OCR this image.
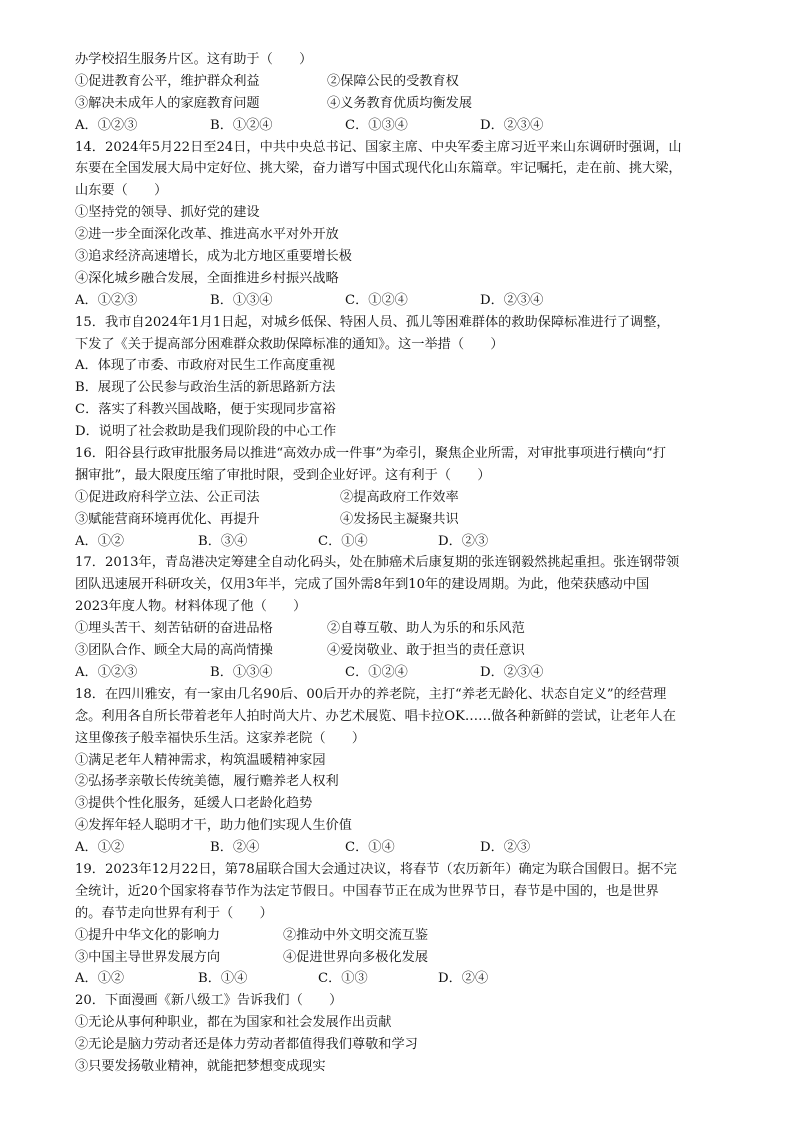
办学校招生服务片区。这有助于（　　）
①促进教育公平，维护群众利益	②保障公民的受教育权
③解决未成年人的家庭教育问题	④义务教育优质均衡发展
A．①②③	B．①②④	C．①③④	D．②③④
14．2024年5月22日至24日，中共中央总书记、国家主席、中央军委主席习近平来山东调研时强调，山
东要在全国发展大局中定好位、挑大梁，奋力谱写中国式现代化山东篇章。牢记嘱托，走在前、挑大梁，
山东要（　　）
①坚持党的领导、抓好党的建设
②进一步全面深化改革、推进高水平对外开放
③追求经济高速增长，成为北方地区重要增长极
④深化城乡融合发展，全面推进乡村振兴战略
A．①②③	B．①③④	C．①②④	D．②③④
15．我市自2024年1月1日起，对城乡低保、特困人员、孤儿等困难群体的救助保障标准进行了调整，
下发了《关于提高部分困难群众救助保障标准的通知》。这一举措（　　）
A．体现了市委、市政府对民生工作高度重视
B．展现了公民参与政治生活的新思路新方法
C．落实了科教兴国战略，便于实现同步富裕
D．说明了社会救助是我们现阶段的中心工作
16．阳谷县行政审批服务局以推进“高效办成一件事”为牵引，聚焦企业所需，对审批事项进行横向“打
捆审批”，最大限度压缩了审批时限，受到企业好评。这有利于（　　）
①促进政府科学立法、公正司法	②提高政府工作效率
③赋能营商环境再优化、再提升	④发扬民主凝聚共识
A．①②	B．③④	C．①④	D．②③
17．2013年，青岛港决定筹建全自动化码头，处在肺癌术后康复期的张连钢毅然挑起重担。张连钢带领
团队迅速展开科研攻关，仅用3年半，完成了国外需8年到10年的建设周期。为此，他荣获感动中国
2023年度人物。材料体现了他（　　）
①埋头苦干、刻苦钻研的奋进品格	②自尊互敬、助人为乐的和乐风范
③团队合作、顾全大局的高尚情操	④爱岗敬业、敢于担当的责任意识
A．①②③	B．①③④	C．①②④	D．②③④
18．在四川雅安，有一家由几名90后、00后开办的养老院，主打“养老无龄化、状态自定义”的经营理
念。利用各自所长带着老年人拍时尚大片、办艺术展览、唱卡拉OK……做各种新鲜的尝试，让老年人在
这里像孩子般幸福快乐生活。这家养老院（　　）
①满足老年人精神需求，构筑温暖精神家园
②弘扬孝亲敬长传统美德，履行赡养老人权利
③提供个性化服务，延缓人口老龄化趋势
④发挥年轻人聪明才干，助力他们实现人生价值
A．①②	B．②④	C．①④	D．②③
19．2023年12月22日，第78届联合国大会通过决议，将春节（农历新年）确定为联合国假日。据不完
全统计，近20个国家将春节作为法定节假日。中国春节正在成为世界节日，春节是中国的，也是世界
的。春节走向世界有利于（　　）
①提升中华文化的影响力	②推动中外文明交流互鉴
③中国主导世界发展方向	④促进世界向多极化发展
A．①②	B．①④	C．①③	D．②④
20．下面漫画《新八级工》告诉我们（　　）
①无论从事何种职业，都在为国家和社会发展作出贡献
②无论是脑力劳动者还是体力劳动者都值得我们尊敬和学习
③只要发扬敬业精神，就能把梦想变成现实
